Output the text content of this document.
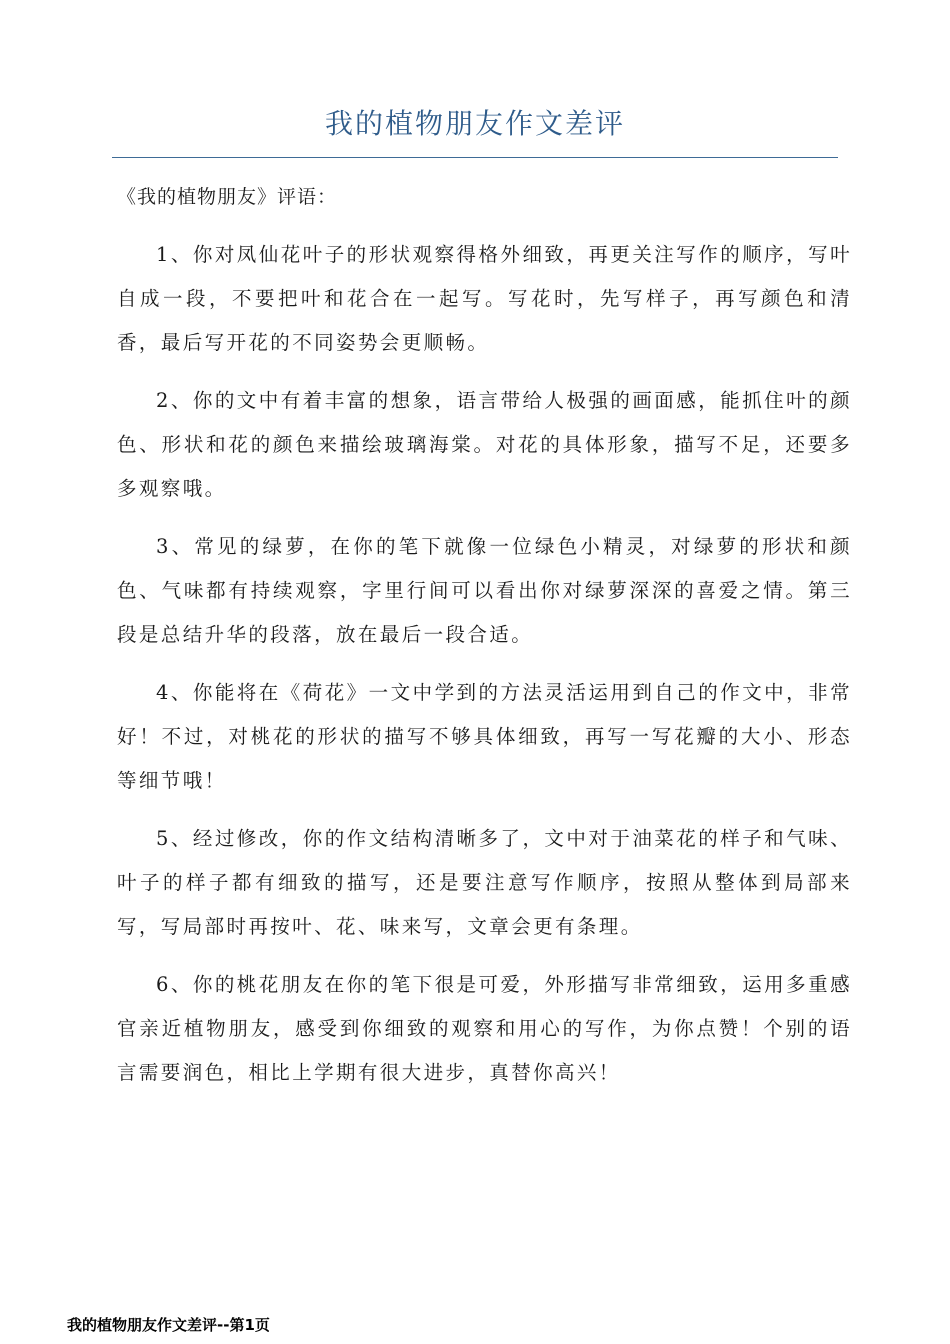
我的植物朋友作文差评
《我的植物朋友》评语：

1、你对凤仙花叶子的形状观察得格外细致，再更关注写作的顺序，写叶自成一段，不要把叶和花合在一起写。写花时，先写样子，再写颜色和清香，最后写开花的不同姿势会更顺畅。

2、你的文中有着丰富的想象，语言带给人极强的画面感，能抓住叶的颜色、形状和花的颜色来描绘玻璃海棠。对花的具体形象，描写不足，还要多多观察哦。

3、常见的绿萝，在你的笔下就像一位绿色小精灵，对绿萝的形状和颜色、气味都有持续观察，字里行间可以看出你对绿萝深深的喜爱之情。第三段是总结升华的段落，放在最后一段合适。

4、你能将在《荷花》一文中学到的方法灵活运用到自己的作文中，非常好！不过，对桃花的形状的描写不够具体细致，再写一写花瓣的大小、形态等细节哦！

5、经过修改，你的作文结构清晰多了，文中对于油菜花的样子和气味、叶子的样子都有细致的描写，还是要注意写作顺序，按照从整体到局部来写，写局部时再按叶、花、味来写，文章会更有条理。

6、你的桃花朋友在你的笔下很是可爱，外形描写非常细致，运用多重感官亲近植物朋友，感受到你细致的观察和用心的写作，为你点赞！个别的语言需要润色，相比上学期有很大进步，真替你高兴！

我的植物朋友作文差评--第1页
